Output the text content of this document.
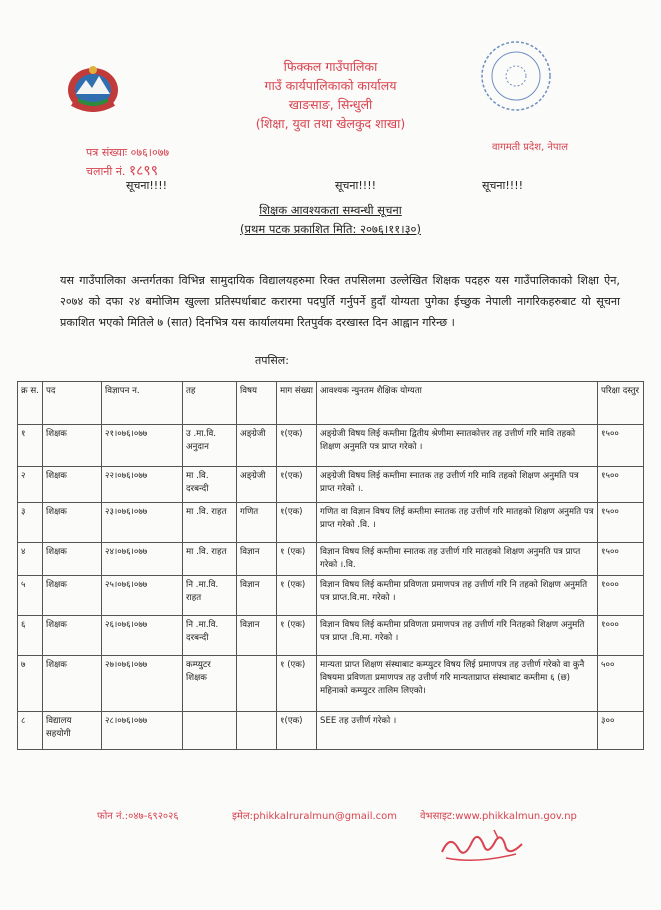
फिक्कल गाउँपालिका
गाउँ कार्यपालिकाको कार्यालय
खाङसाङ, सिन्धुली
(शिक्षा, युवा तथा खेलकुद शाखा)
वागमती प्रदेश, नेपाल
पत्र संख्याः ०७६।०७७
चलानी नं. १८९९
सूचना!!!!	सूचना!!!!	सूचना!!!!
शिक्षक आवश्यकता सम्वन्धी सूचना
(प्रथम पटक प्रकाशित मिति: २०७६।११।३०)
यस गाउँपालिका अन्तर्गतका विभिन्न सामुदायिक विद्यालयहरुमा रिक्त तपसिलमा उल्लेखित शिक्षक पदहरु यस गाउँपालिकाको शिक्षा ऐन, २०७४ को दफा २४ बमोजिम खुल्ला प्रतिस्पर्धाबाट करारमा पदपुर्ति गर्नुपर्ने हुदाँ योग्यता पुगेका ईच्छुक नेपाली नागरिकहरुबाट यो सूचना प्रकाशित भएको मितिले ७ (सात) दिनभित्र यस कार्यालयमा रितपुर्वक दरखास्त दिन आह्वान गरिन्छ ।
तपसिल:
क्र स.	पद	विज्ञापन न.	तह	विषय	माग संख्या	आवश्यक न्युनतम शैक्षिक योग्यता	परिक्षा दस्तुर
१	शिक्षक	२१।०७६।०७७	उ .मा.वि. अनुदान	अङ्ग्रेजी	१(एक)	अङ्ग्रेजी विषय लिई कम्तीमा द्वितीय श्रेणीमा स्नातकोत्तर तह उत्तीर्ण गरि मावि तहको शिक्षण अनुमति पत्र प्राप्त गरेको ।	१५००
२	शिक्षक	२२।०७६।०७७	मा .वि. दरबन्दी	अङ्ग्रेजी	१(एक)	अङ्ग्रेजी विषय लिई कम्तीमा स्नातक तह उत्तीर्ण गरि मावि तहको शिक्षण अनुमति पत्र प्राप्त गरेको ।.	१५००
३	शिक्षक	२३।०७६।०७७	मा .वि. राहत	गणित	१(एक)	गणित वा विज्ञान विषय लिई कम्तीमा स्नातक तह उत्तीर्ण गरि मातहको शिक्षण अनुमति पत्र प्राप्त गरेको .वि. ।	१५००
४	शिक्षक	२४।०७६।०७७	मा .वि. राहत	विज्ञान	१ (एक)	विज्ञान विषय लिई कम्तीमा स्नातक तह उत्तीर्ण गरि मातहको शिक्षण अनुमति पत्र प्राप्त गरेको ।.वि.	१५००
५	शिक्षक	२५।०७६।०७७	नि .मा.वि. राहत	विज्ञान	१ (एक)	विज्ञान विषय लिई कम्तीमा प्रविणता प्रमाणपत्र तह उत्तीर्ण गरि नि तहको शिक्षण अनुमति पत्र प्राप्त.वि.मा. गरेको ।	१०००
६	शिक्षक	२६।०७६।०७७	नि .मा.वि. दरबन्दी	विज्ञान	१ (एक)	विज्ञान विषय लिई कम्तीमा प्रविणता प्रमाणपत्र तह उत्तीर्ण गरि नितहको शिक्षण अनुमति पत्र प्राप्त .वि.मा. गरेको ।	१०००
७	शिक्षक	२७।०७६।०७७	कम्प्युटर शिक्षक		१ (एक)	मान्यता प्राप्त शिक्षण संस्थाबाट कम्प्युटर विषय लिई प्रमाणपत्र तह उत्तीर्ण गरेको वा कुनै विषयमा प्रविणता प्रमाणपत्र तह उत्तीर्ण गरि मान्यताप्राप्त संस्थाबाट कम्तीमा ६ (छ) महिनाको कम्प्युटर तालिम लिएको।	५००
८	विद्यालय सहयोगी	२८।०७६।०७७			१(एक)	SEE तह उत्तीर्ण गरेको ।	३००
फोन नं.:०४७-६९२०२६	इमेल:phikkalruralmun@gmail.com वेभसाइट:www.phikkalmun.gov.np
